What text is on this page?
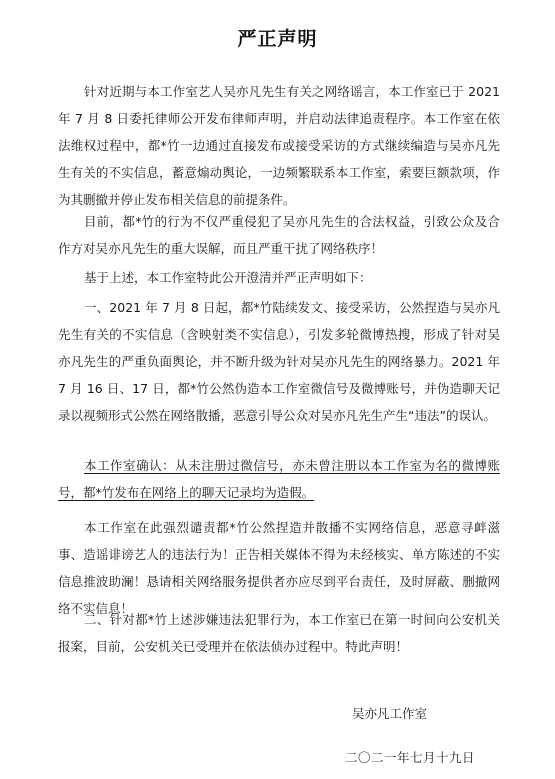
严正声明

针对近期与本工作室艺人吴亦凡先生有关之网络谣言，本工作室已于 2021 年 7 月 8 日委托律师公开发布律师声明，并启动法律追责程序。本工作室在依法维权过程中，都*竹一边通过直接发布或接受采访的方式继续编造与吴亦凡先生有关的不实信息，蓄意煽动舆论，一边频繁联系本工作室，索要巨额款项，作为其删撤并停止发布相关信息的前提条件。

目前，都*竹的行为不仅严重侵犯了吴亦凡先生的合法权益，引致公众及合作方对吴亦凡先生的重大误解，而且严重干扰了网络秩序！

基于上述，本工作室特此公开澄清并严正声明如下：

一、2021 年 7 月 8 日起，都*竹陆续发文、接受采访，公然捏造与吴亦凡先生有关的不实信息（含映射类不实信息），引发多轮微博热搜，形成了针对吴亦凡先生的严重负面舆论，并不断升级为针对吴亦凡先生的网络暴力。2021 年 7 月 16 日、17 日，都*竹公然伪造本工作室微信号及微博账号，并伪造聊天记录以视频形式公然在网络散播，恶意引导公众对吴亦凡先生产生“违法”的误认。

本工作室确认：从未注册过微信号，亦未曾注册以本工作室为名的微博账号，都*竹发布在网络上的聊天记录均为造假。

本工作室在此强烈谴责都*竹公然捏造并散播不实网络信息，恶意寻衅滋事、造谣诽谤艺人的违法行为！正告相关媒体不得为未经核实、单方陈述的不实信息推波助澜！恳请相关网络服务提供者亦应尽到平台责任，及时屏蔽、删撤网络不实信息！

二、针对都*竹上述涉嫌违法犯罪行为，本工作室已在第一时间向公安机关报案，目前，公安机关已受理并在依法侦办过程中。特此声明！

吴亦凡工作室
二〇二一年七月十九日
